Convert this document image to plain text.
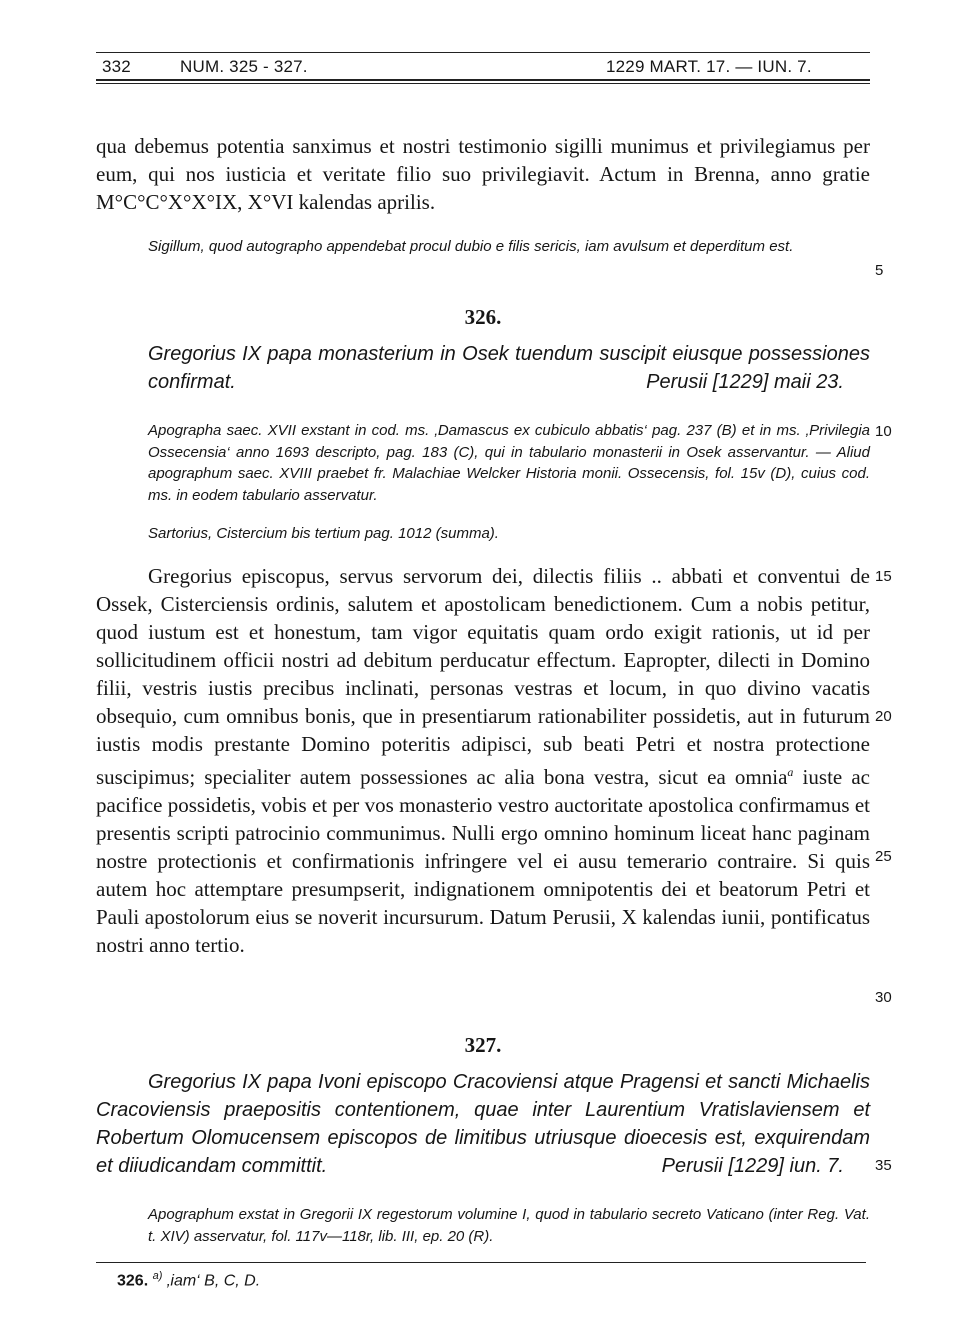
332	NUM. 325 - 327.	1229 MART. 17. — IUN. 7.

qua debemus potentia sanximus et nostri testimonio sigilli munimus et privilegiamus per eum, qui nos iusticia et veritate filio suo privilegiavit. Actum in Brenna, anno gratie M°C°C°X°X°IX, X°VI kalendas aprilis.

Sigillum, quod autographo appendebat procul dubio e filis sericis, iam avulsum et deperditum est.

326.

Gregorius IX papa monasterium in Osek tuendum suscipit eiusque possessiones confirmat.	Perusii [1229] maii 23.

Apographa saec. XVII exstant in cod. ms. ‚Damascus ex cubiculo abbatis‘ pag. 237 (B) et in ms. ‚Privilegia Ossecensia‘ anno 1693 descripto, pag. 183 (C), qui in tabulario monasterii in Osek asservantur. — Aliud apographum saec. XVIII praebet fr. Malachiae Welcker Historia monii. Ossecensis, fol. 15v (D), cuius cod. ms. in eodem tabulario asservatur.

Sartorius, Cistercium bis tertium pag. 1012 (summa).

Gregorius episcopus, servus servorum dei, dilectis filiis .. abbati et conventui de Ossek, Cisterciensis ordinis, salutem et apostolicam benedictionem. Cum a nobis petitur, quod iustum est et honestum, tam vigor equitatis quam ordo exigit rationis, ut id per sollicitudinem officii nostri ad debitum perducatur effectum. Eapropter, dilecti in Domino filii, vestris iustis precibus inclinati, personas vestras et locum, in quo divino vacatis obsequio, cum omnibus bonis, que in presentiarum rationabiliter possidetis, aut in futurum iustis modis prestante Domino poteritis adipisci, sub beati Petri et nostra protectione suscipimus; specialiter autem possessiones ac alia bona vestra, sicut ea omnia$^a$ iuste ac pacifice possidetis, vobis et per vos monasterio vestro auctoritate apostolica confirmamus et presentis scripti patrocinio communimus. Nulli ergo omnino hominum liceat hanc paginam nostre protectionis et confirmationis infringere vel ei ausu temerario contraire. Si quis autem hoc attemptare presumpserit, indignationem omnipotentis dei et beatorum Petri et Pauli apostolorum eius se noverit incursurum. Datum Perusii, X kalendas iunii, pontificatus nostri anno tertio.

327.

Gregorius IX papa Ivoni episcopo Cracoviensi atque Pragensi et sancti Michaelis Cracoviensis praepositis contentionem, quae inter Laurentium Vratislaviensem et Robertum Olomucensem episcopos de limitibus utriusque dioecesis est, exquirendam et diiudicandam committit.	Perusii [1229] iun. 7.

Apographum exstat in Gregorii IX regestorum volumine I, quod in tabulario secreto Vaticano (inter Reg. Vat. t. XIV) asservatur, fol. 117v—118r, lib. III, ep. 20 (R).

5
10
15
20
25
30
35
326. $^{a)}$ ‚iam‘ B, C, D.
